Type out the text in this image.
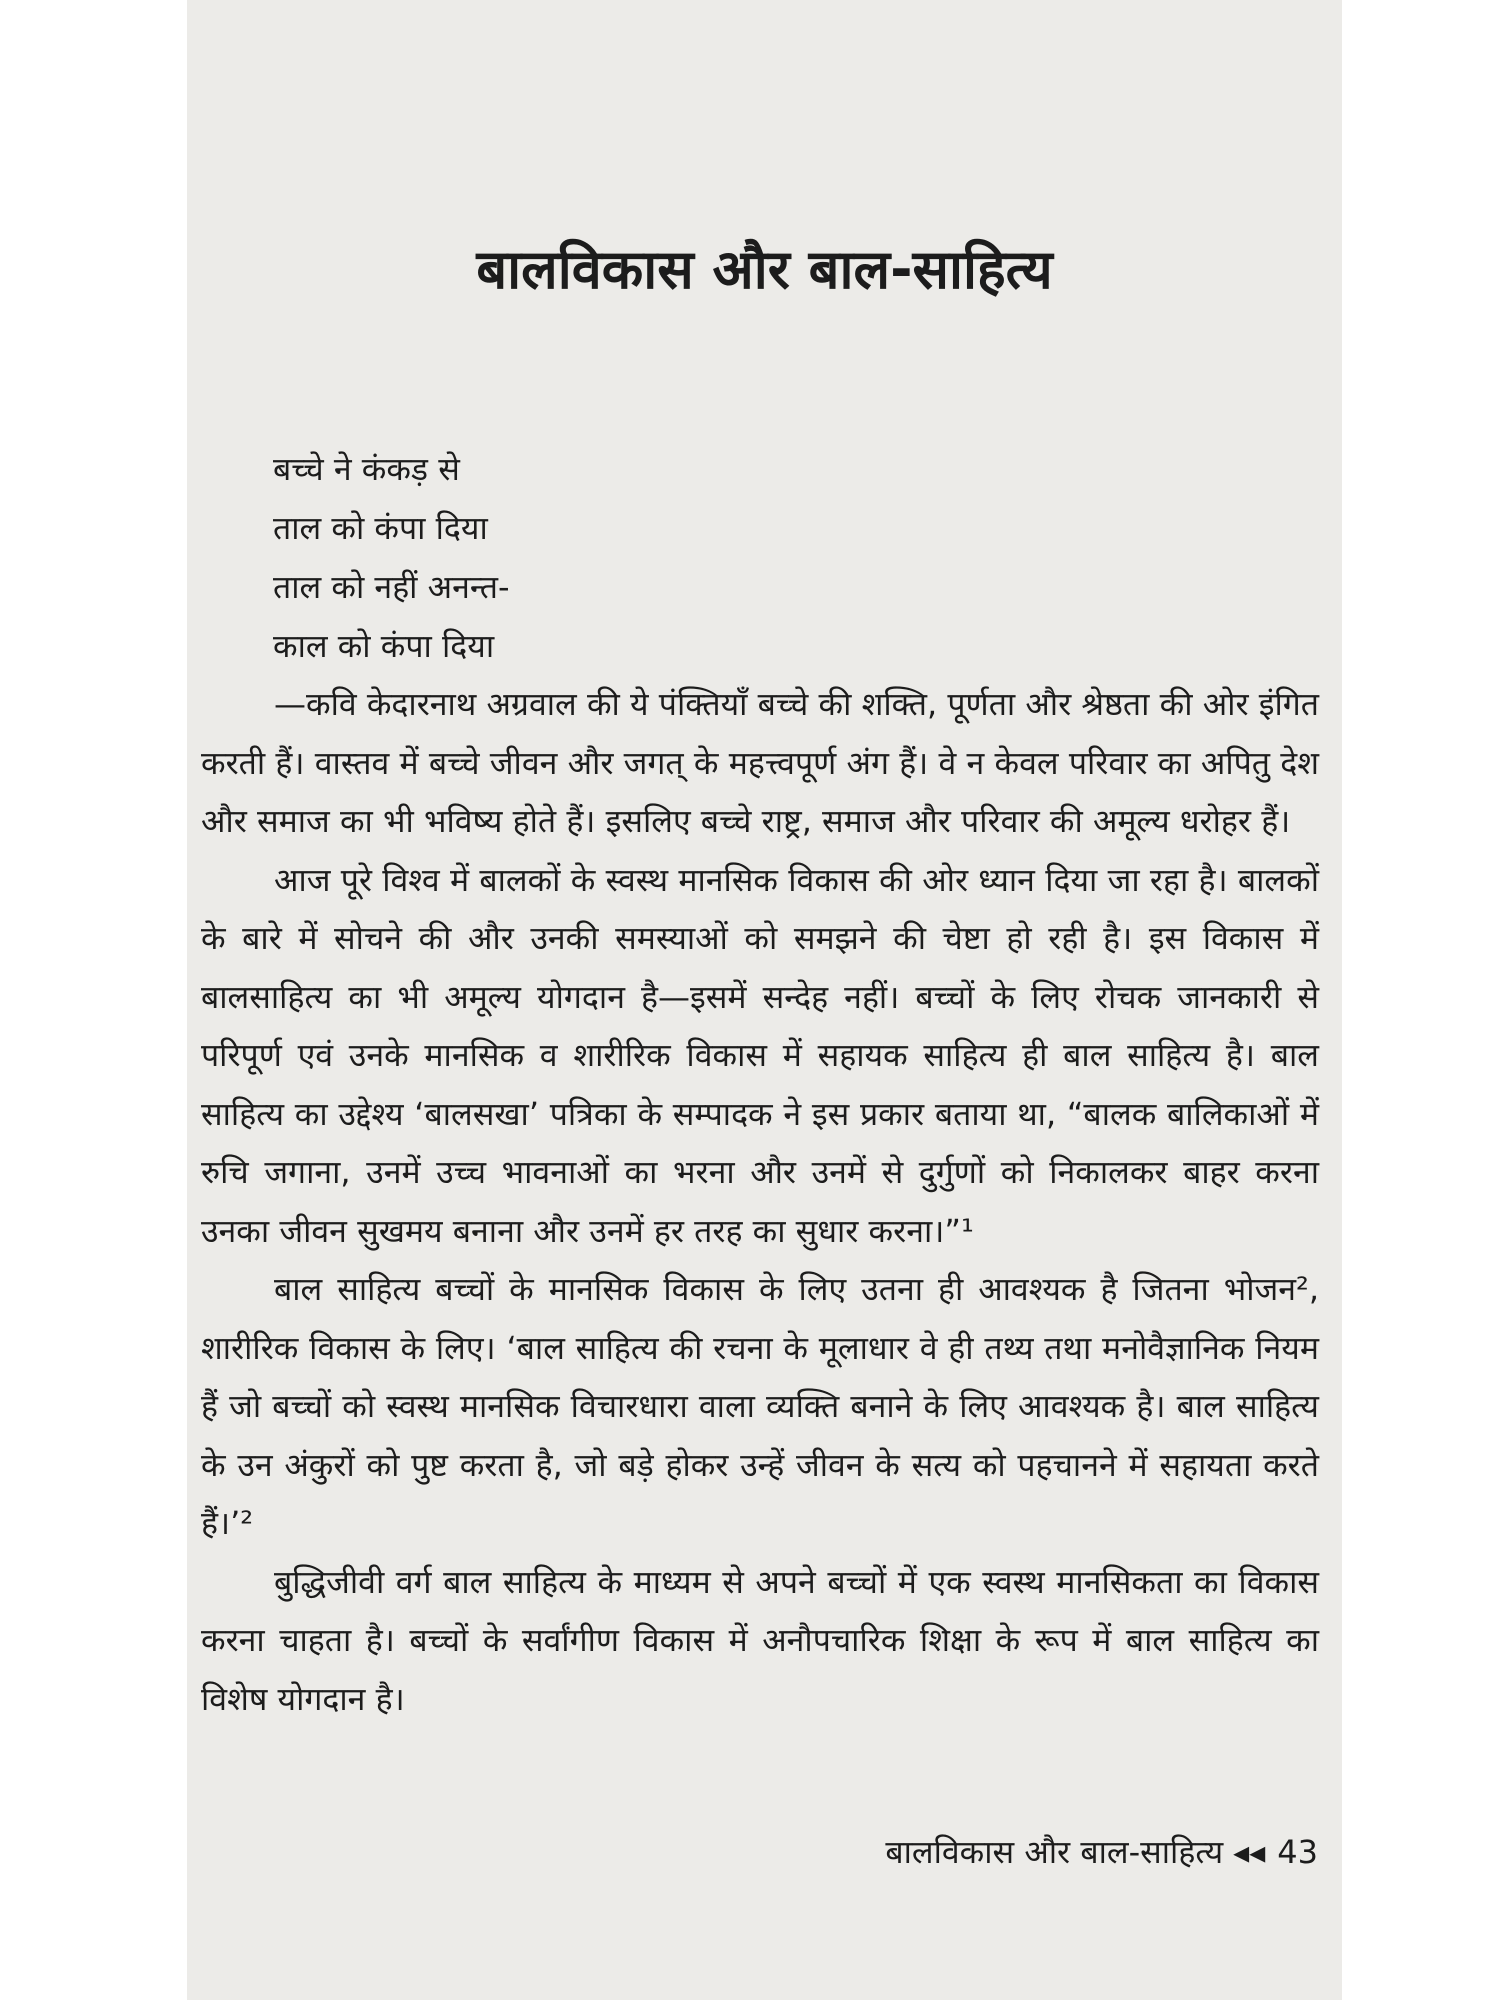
बालविकास और बाल-साहित्य
बच्चे ने कंकड़ से
ताल को कंपा दिया
ताल को नहीं अनन्त-
काल को कंपा दिया

—कवि केदारनाथ अग्रवाल की ये पंक्तियाँ बच्चे की शक्ति, पूर्णता और श्रेष्ठता की ओर इंगित करती हैं। वास्तव में बच्चे जीवन और जगत् के महत्त्वपूर्ण अंग हैं। वे न केवल परिवार का अपितु देश और समाज का भी भविष्य होते हैं। इसलिए बच्चे राष्ट्र, समाज और परिवार की अमूल्य धरोहर हैं।

आज पूरे विश्व में बालकों के स्वस्थ मानसिक विकास की ओर ध्यान दिया जा रहा है। बालकों के बारे में सोचने की और उनकी समस्याओं को समझने की चेष्टा हो रही है। इस विकास में बालसाहित्य का भी अमूल्य योगदान है—इसमें सन्देह नहीं। बच्चों के लिए रोचक जानकारी से परिपूर्ण एवं उनके मानसिक व शारीरिक विकास में सहायक साहित्य ही बाल साहित्य है। बाल साहित्य का उद्देश्य ‘बालसखा’ पत्रिका के सम्पादक ने इस प्रकार बताया था, “बालक बालिकाओं में रुचि जगाना, उनमें उच्च भावनाओं का भरना और उनमें से दुर्गुणों को निकालकर बाहर करना उनका जीवन सुखमय बनाना और उनमें हर तरह का सुधार करना।”¹

बाल साहित्य बच्चों के मानसिक विकास के लिए उतना ही आवश्यक है जितना भोजन², शारीरिक विकास के लिए। ‘बाल साहित्य की रचना के मूलाधार वे ही तथ्य तथा मनोवैज्ञानिक नियम हैं जो बच्चों को स्वस्थ मानसिक विचारधारा वाला व्यक्ति बनाने के लिए आवश्यक है। बाल साहित्य के उन अंकुरों को पुष्ट करता है, जो बड़े होकर उन्हें जीवन के सत्य को पहचानने में सहायता करते हैं।’²

बुद्धिजीवी वर्ग बाल साहित्य के माध्यम से अपने बच्चों में एक स्वस्थ मानसिकता का विकास करना चाहता है। बच्चों के सर्वांगीण विकास में अनौपचारिक शिक्षा के रूप में बाल साहित्य का विशेष योगदान है।

बालविकास और बाल-साहित्य ◂◂ 43
